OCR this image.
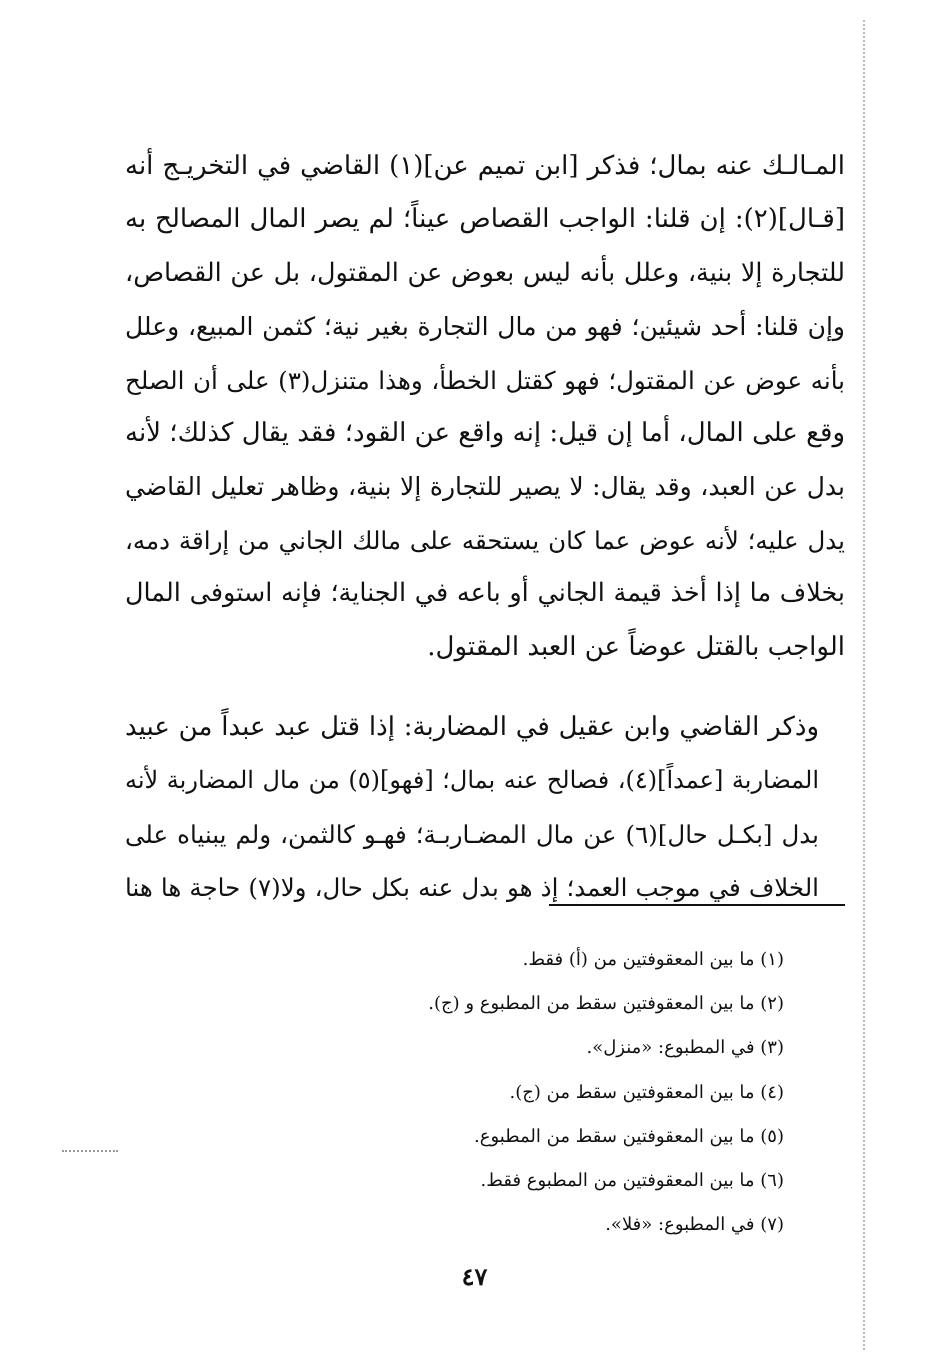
المـالـك عنه بمال؛ فذكر [ابن تميم عن](١) القاضي في التخريـج أنه
[قـال](٢): إن قلنا: الواجب القصاص عيناً؛ لم يصر المال المصالح به
للتجارة إلا بنية، وعلل بأنه ليس بعوض عن المقتول، بل عن القصاص،
وإن قلنا: أحد شيئين؛ فهو من مال التجارة بغير نية؛ كثمن المبيع، وعلل
بأنه عوض عن المقتول؛ فهو كقتل الخطأ، وهذا متنزل(٣) على أن الصلح
وقع على المال، أما إن قيل: إنه واقع عن القود؛ فقد يقال كذلك؛ لأنه
بدل عن العبد، وقد يقال: لا يصير للتجارة إلا بنية، وظاهر تعليل القاضي
يدل عليه؛ لأنه عوض عما كان يستحقه على مالك الجاني من إراقة دمه،
بخلاف ما إذا أخذ قيمة الجاني أو باعه في الجناية؛ فإنه استوفى المال
الواجب بالقتل عوضاً عن العبد المقتول.

وذكر القاضي وابن عقيل في المضاربة: إذا قتل عبد عبداً من عبيد
المضاربة [عمداً](٤)، فصالح عنه بمال؛ [فهو](٥) من مال المضاربة لأنه
بدل [بكـل حال](٦) عن مال المضـاربـة؛ فهـو كالثمن، ولم يبنياه على
الخلاف في موجب العمد؛ إذ هو بدل عنه بكل حال، ولا(٧) حاجة ها هنا

(١) ما بين المعقوفتين من (أ) فقط.
(٢) ما بين المعقوفتين سقط من المطبوع و (ج).
(٣) في المطبوع: «منزل».
(٤) ما بين المعقوفتين سقط من (ج).
(٥) ما بين المعقوفتين سقط من المطبوع.
(٦) ما بين المعقوفتين من المطبوع فقط.
(٧) في المطبوع: «فلا».
٤٧
